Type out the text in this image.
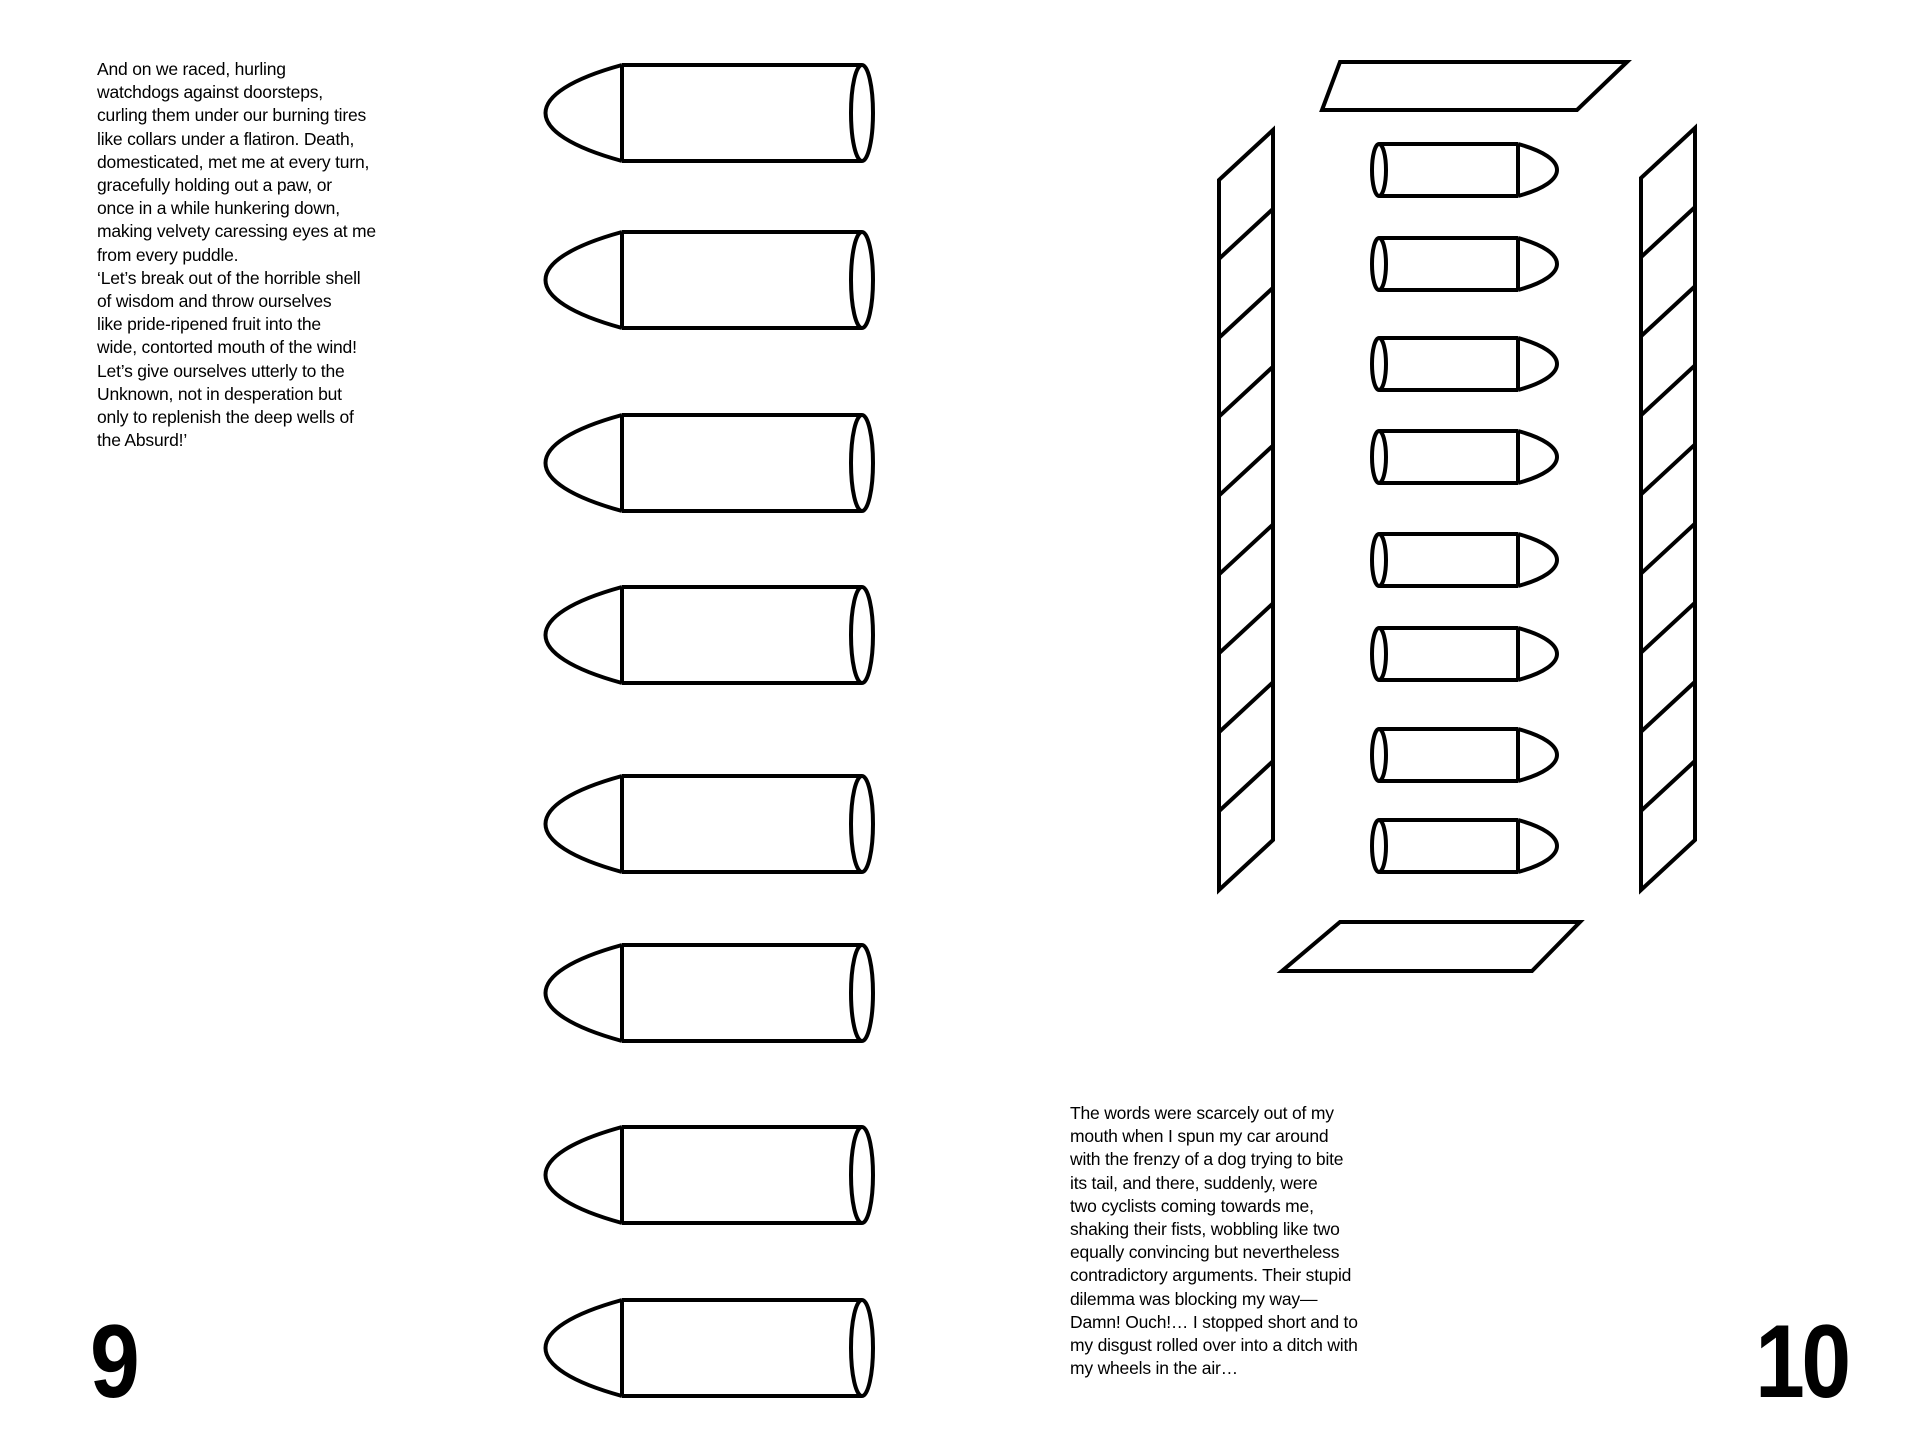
And on we raced, hurling
watchdogs against doorsteps,
curling them under our burning tires
like collars under a flatiron. Death,
domesticated, met me at every turn,
gracefully holding out a paw, or
once in a while hunkering down,
making velvety caressing eyes at me
from every puddle.
‘Let’s break out of the horrible shell
of wisdom and throw ourselves
like pride-ripened fruit into the
wide, contorted mouth of the wind!
Let’s give ourselves utterly to the
Unknown, not in desperation but
only to replenish the deep wells of
the Absurd!’
9
The words were scarcely out of my
mouth when I spun my car around
with the frenzy of a dog trying to bite
its tail, and there, suddenly, were
two cyclists coming towards me,
shaking their fists, wobbling like two
equally convincing but nevertheless
contradictory arguments. Their stupid
dilemma was blocking my way—
Damn! Ouch!… I stopped short and to
my disgust rolled over into a ditch with
my wheels in the air…	10
